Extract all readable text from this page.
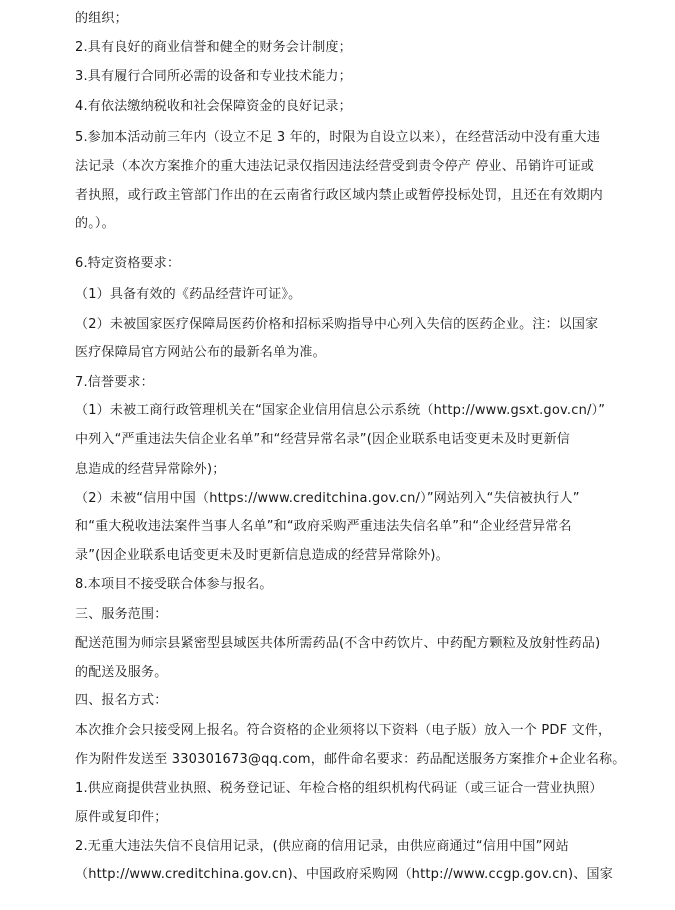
的组织；
2.具有良好的商业信誉和健全的财务会计制度；
3.具有履行合同所必需的设备和专业技术能力；
4.有依法缴纳税收和社会保障资金的良好记录；
5.参加本活动前三年内（设立不足 3 年的，时限为自设立以来），在经营活动中没有重大违
法记录（本次方案推介的重大违法记录仅指因违法经营受到责令停产 停业、吊销许可证或
者执照，或行政主管部门作出的在云南省行政区域内禁止或暂停投标处罚，且还在有效期内
的。）。
6.特定资格要求：
（1）具备有效的《药品经营许可证》。
（2）未被国家医疗保障局医药价格和招标采购指导中心列入失信的医药企业。注：以国家
医疗保障局官方网站公布的最新名单为准。
7.信誉要求：
（1）未被工商行政管理机关在“国家企业信用信息公示系统（http://www.gsxt.gov.cn/）”
中列入“严重违法失信企业名单”和“经营异常名录”(因企业联系电话变更未及时更新信
息造成的经营异常除外)；
（2）未被“信用中国（https://www.creditchina.gov.cn/）”网站列入“失信被执行人”
和“重大税收违法案件当事人名单”和“政府采购严重违法失信名单”和“企业经营异常名
录”(因企业联系电话变更未及时更新信息造成的经营异常除外)。
8.本项目不接受联合体参与报名。
三、服务范围：
配送范围为师宗县紧密型县域医共体所需药品(不含中药饮片、中药配方颗粒及放射性药品)
的配送及服务。
四、报名方式：
本次推介会只接受网上报名。符合资格的企业须将以下资料（电子版）放入一个 PDF 文件，
作为附件发送至 330301673@qq.com，邮件命名要求：药品配送服务方案推介+企业名称。
1.供应商提供营业执照、税务登记证、年检合格的组织机构代码证（或三证合一营业执照）
原件或复印件；
2.无重大违法失信不良信用记录，(供应商的信用记录，由供应商通过“信用中国”网站
（http://www.creditchina.gov.cn)、中国政府采购网（http://www.ccgp.gov.cn)、国家
